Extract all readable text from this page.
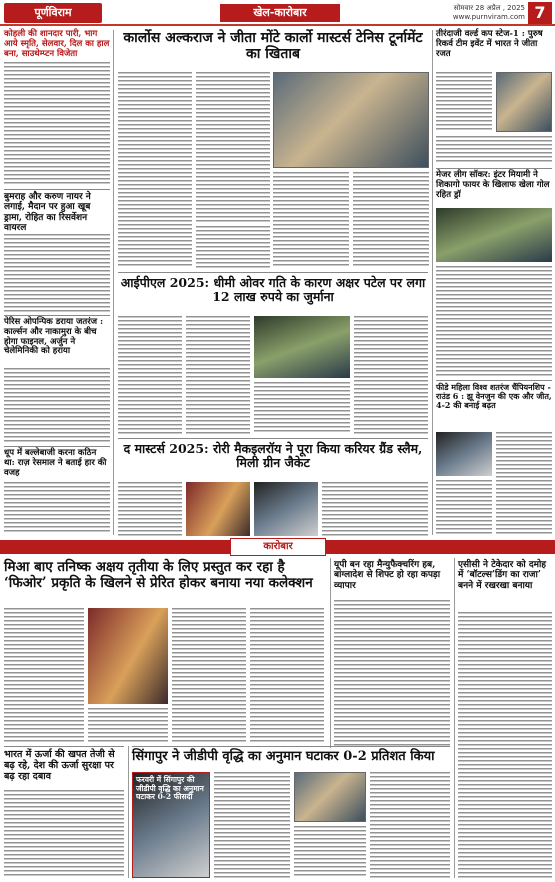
पूर्णविराम	खेल-कारोबार	सोमवार 28 अप्रैल , 2025
www.purnviram.com 7
कोहली की शानदार पारी, भाग आये स्मृति, सेलवार, दिल का हाल बना, साउथेम्प्टन विजेता
बुमराह और करुण नायर ने लगाई, मैदान पर हुआ खूब ड्रामा, रोहित का रिसर्वेशन वायरल
पेरिस ओपन्पिक डराया जतरंज : कार्ल्सन और नाकामुरा के बीच होगा फाइनल, अर्जुन ने चेलेमिनिकी को हराया
धूप में बल्लेबाजी करना कठिन था: राज़ रेसमाल ने बताई हार की वजह
कार्लोस अल्कराज ने जीता मोंटे कार्लो मास्टर्स टेनिस टूर्नामेंट का खिताब
आईपीएल 2025: धीमी ओवर गति के कारण अक्षर पटेल पर लगा 12 लाख रुपये का जुर्माना
द मास्टर्स 2025: रोरी मैकइलरॉय ने पूरा किया करियर ग्रैंड स्लैम, मिली ग्रीन जैकेट
तीरंदाजी वर्ल्ड कप स्टेज-1 : पुरुष रिकर्व टीम इवेंट में भारत ने जीता रजत
मेजर लीग सॉकर: इंटर मियामी ने शिकागो फायर के खिलाफ खेला गोल रहित ड्रॉ
फीडे महिला विश्व शतरंज चैंपियनशिप - राउंड 6 : झू वेनजुन की एक और जीत, 4-2 की बनाई बढ़त
कारोबार
मिआ बाए तनिष्क अक्षय तृतीया के लिए प्रस्तुत कर रहा है ‘फिओर’ प्रकृति के खिलने से प्रेरित होकर बनाया नया कलेक्शन
भारत में ऊर्जा की खपत तेजी से बढ़ रहे, देश की ऊर्जा सुरक्षा पर बढ़ रहा दबाव
यूपी बन रहा मैन्युफैक्चरिंग हब, बांग्लादेश से शिफ्ट हो रहा कपड़ा व्यापार
एसीसी ने टेकेदार को दमोह में ‘बॉटल्स’डिंग का राजा’ बनने में रखरखा बनाया
सिंगापुर ने जीडीपी वृद्धि का अनुमान घटाकर 0-2 प्रतिशत किया
फरवरी में सिंगापुर की जीडीपी वृद्धि का अनुमान घटाकर 0-2 फीसदी
